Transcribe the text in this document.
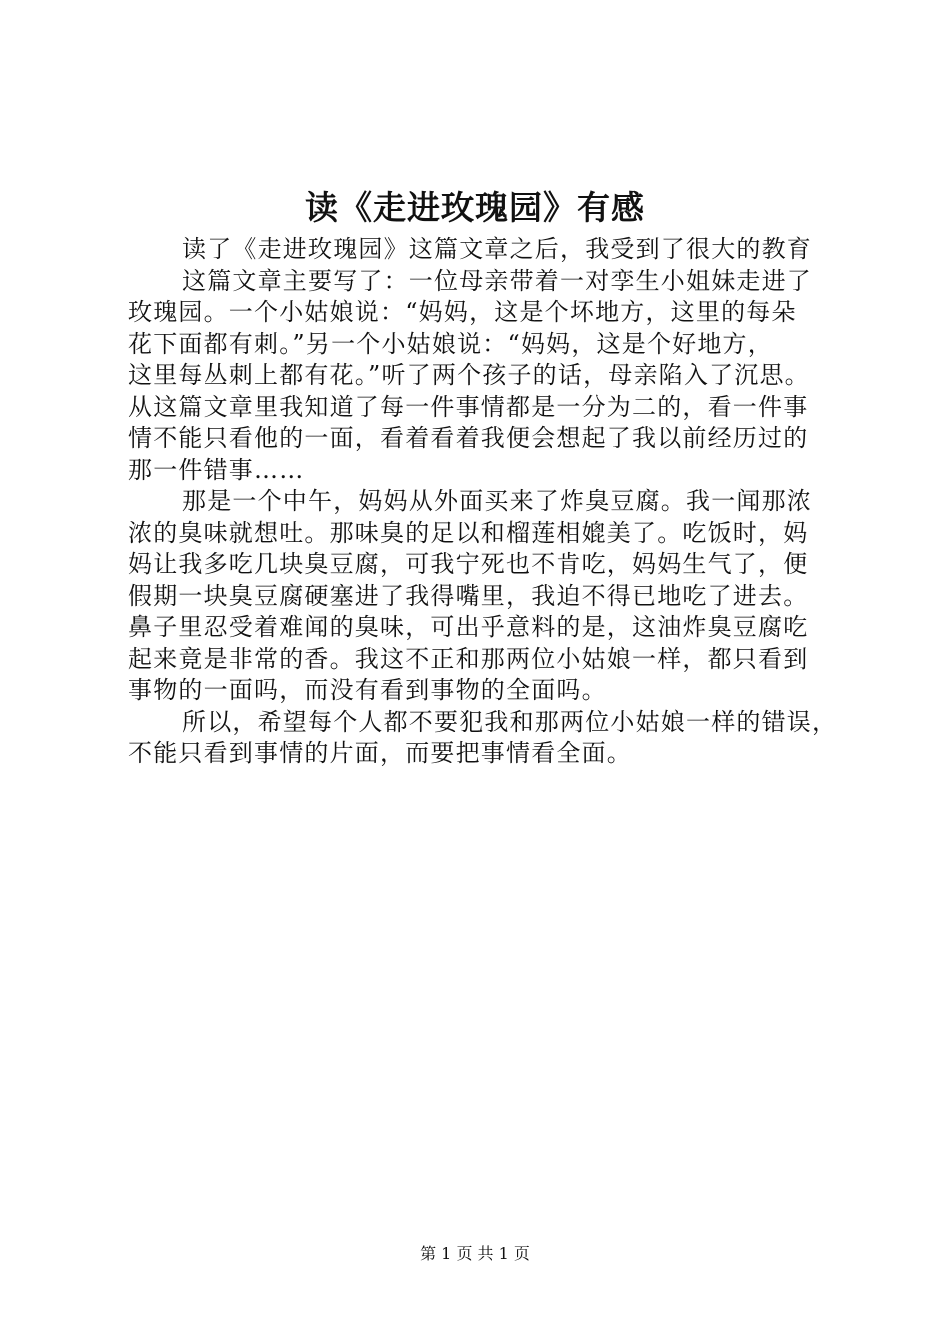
读《走进玫瑰园》有感
读了《走进玫瑰园》这篇文章之后，我受到了很大的教育
这篇文章主要写了：一位母亲带着一对孪生小姐妹走进了
玫瑰园。一个小姑娘说：“妈妈，这是个坏地方，这里的每朵
花下面都有刺。”另一个小姑娘说：“妈妈，这是个好地方，
这里每丛刺上都有花。”听了两个孩子的话，母亲陷入了沉思。
从这篇文章里我知道了每一件事情都是一分为二的，看一件事
情不能只看他的一面，看着看着我便会想起了我以前经历过的
那一件错事……
那是一个中午，妈妈从外面买来了炸臭豆腐。我一闻那浓
浓的臭味就想吐。那味臭的足以和榴莲相媲美了。吃饭时，妈
妈让我多吃几块臭豆腐，可我宁死也不肯吃，妈妈生气了，便
假期一块臭豆腐硬塞进了我得嘴里，我迫不得已地吃了进去。
鼻子里忍受着难闻的臭味，可出乎意料的是，这油炸臭豆腐吃
起来竟是非常的香。我这不正和那两位小姑娘一样，都只看到
事物的一面吗，而没有看到事物的全面吗。
所以，希望每个人都不要犯我和那两位小姑娘一样的错误，
不能只看到事情的片面，而要把事情看全面。
第 1 页 共 1 页
